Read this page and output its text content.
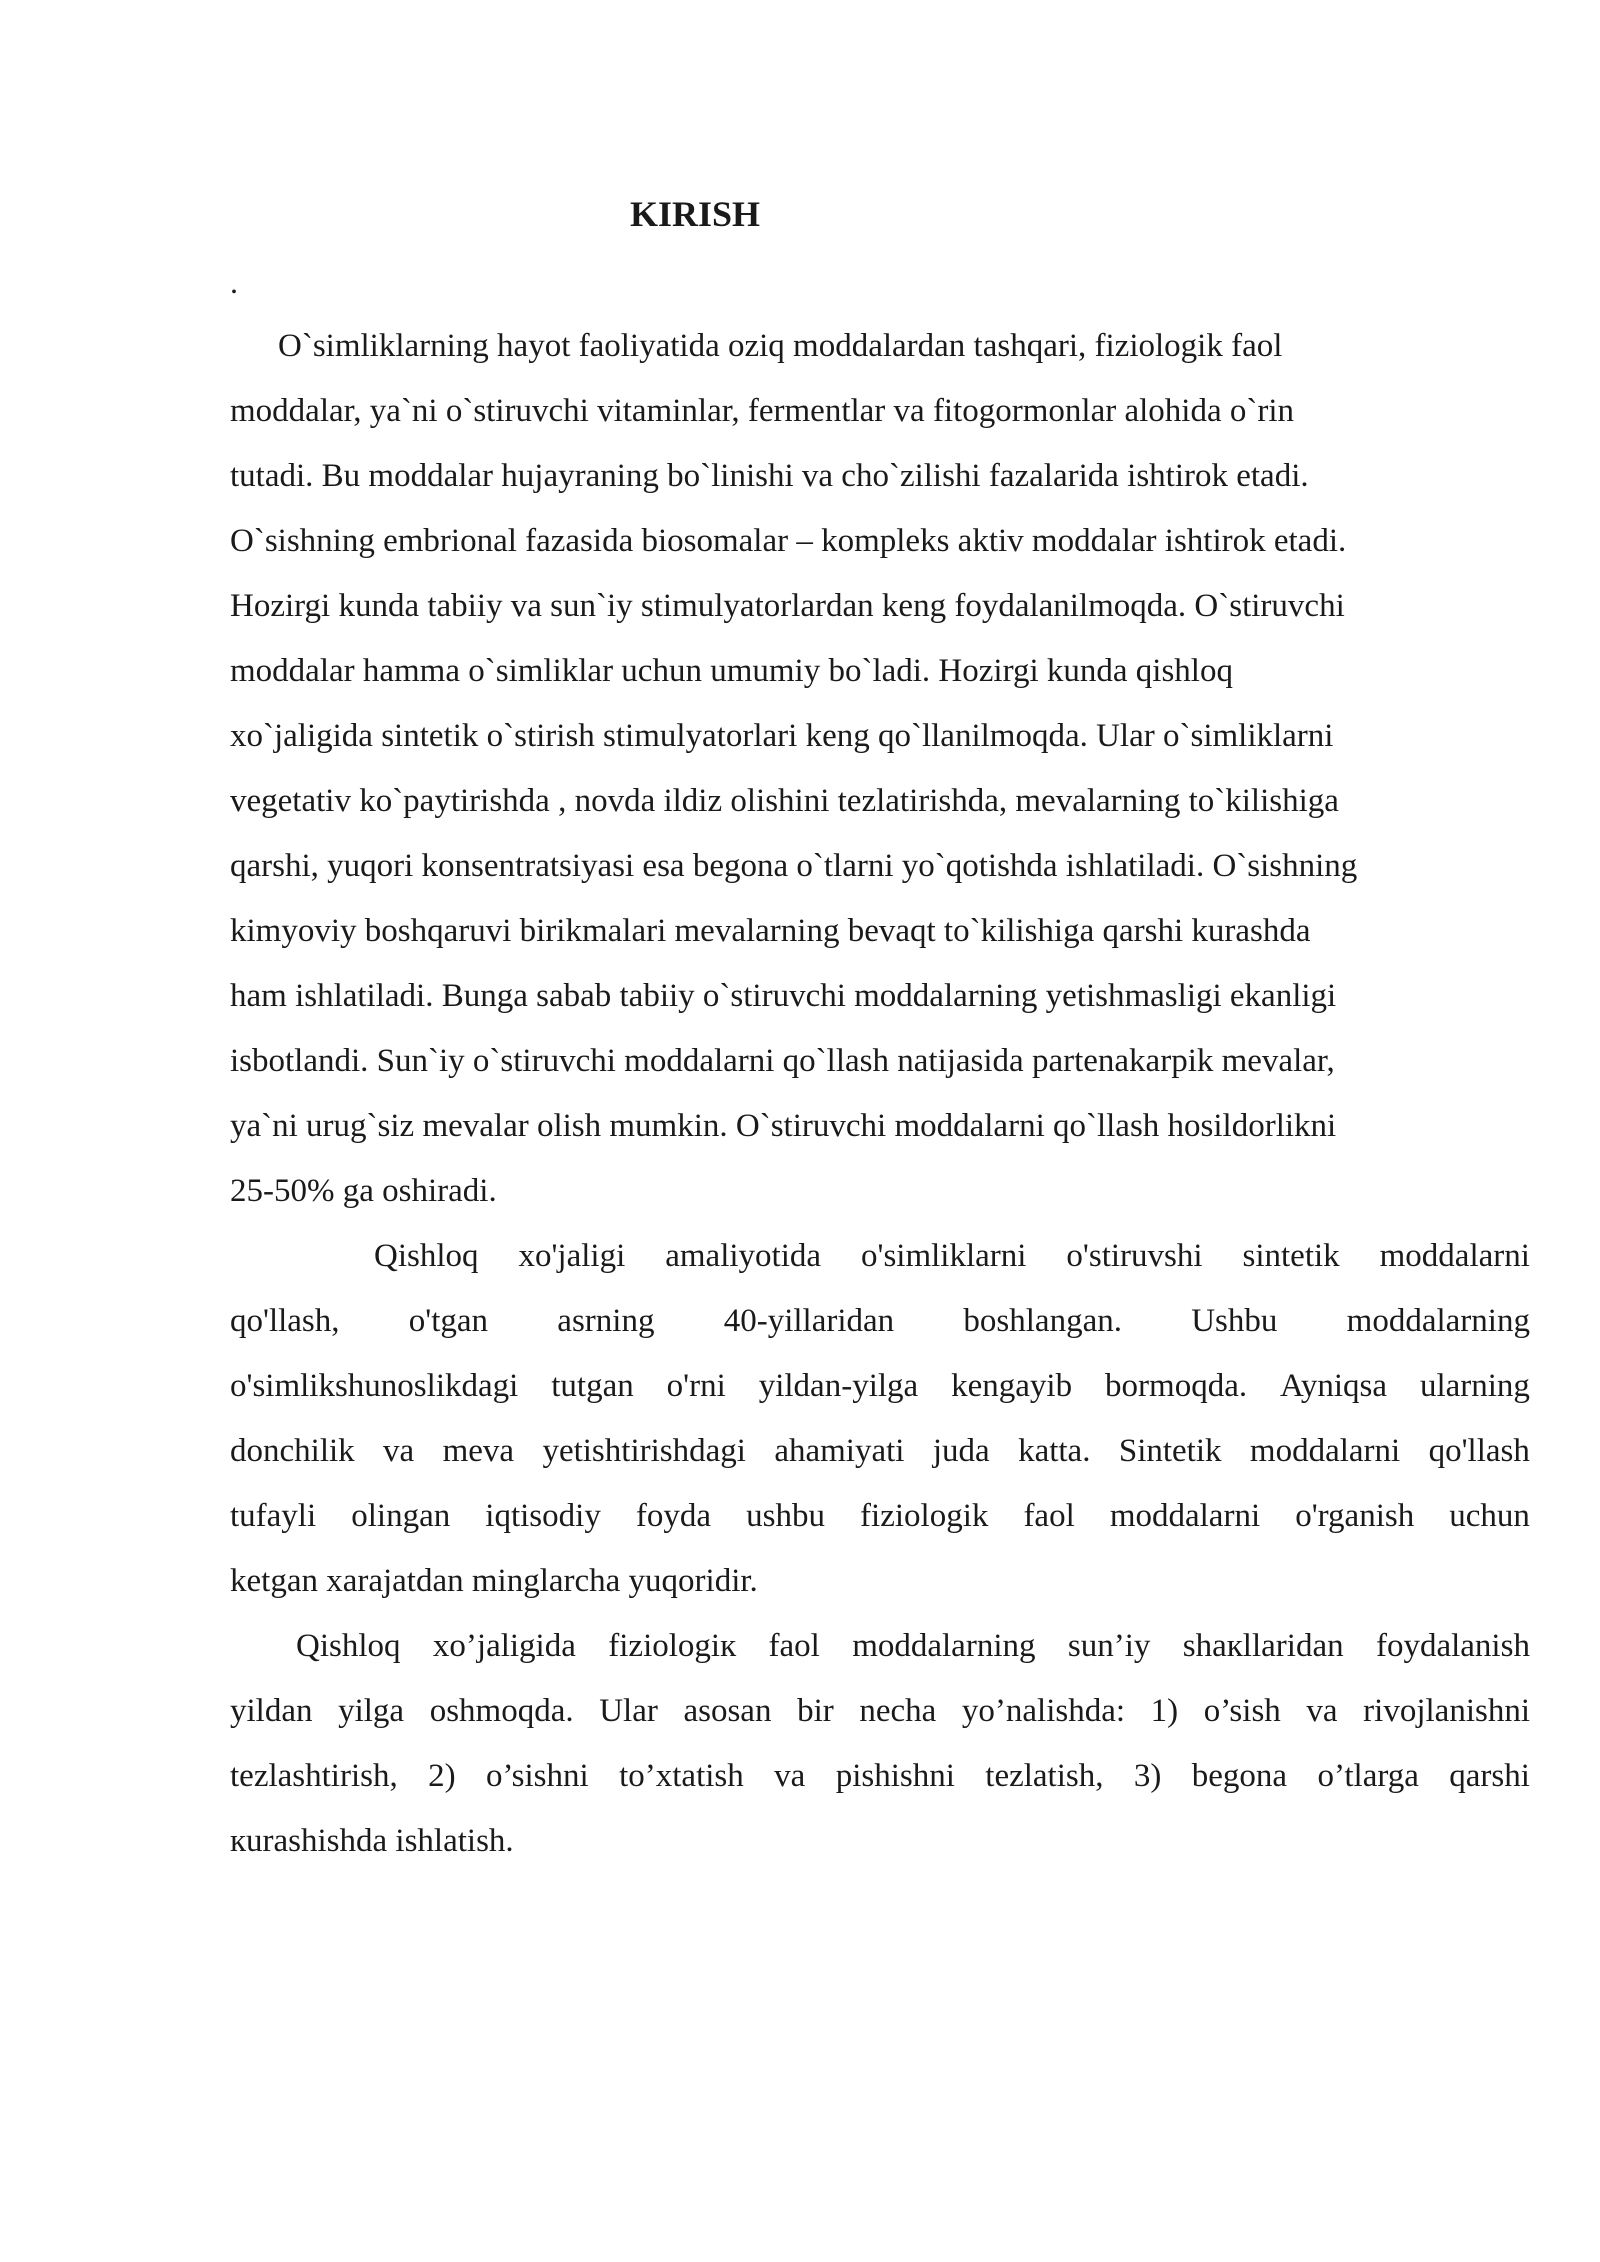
KIRISH
.
O`simliklarning hayot faoliyatida oziq moddalardan tashqari, fiziologik faol
moddalar, ya`ni o`stiruvchi vitaminlar, fermentlar va fitogormonlar alohida o`rin
tutadi. Bu moddalar hujayraning bo`linishi va cho`zilishi fazalarida ishtirok etadi.
O`sishning embrional fazasida biosomalar – kompleks aktiv moddalar ishtirok etadi.
Hozirgi kunda tabiiy va sun`iy stimulyatorlardan keng foydalanilmoqda. O`stiruvchi
moddalar hamma o`simliklar uchun umumiy bo`ladi. Hozirgi kunda qishloq
xo`jaligida sintetik o`stirish stimulyatorlari keng qo`llanilmoqda. Ular o`simliklarni
vegetativ ko`paytirishda , novda ildiz olishini tezlatirishda, mevalarning to`kilishiga
qarshi, yuqori konsentratsiyasi esa begona o`tlarni yo`qotishda ishlatiladi. O`sishning
kimyoviy boshqaruvi birikmalari mevalarning bevaqt to`kilishiga qarshi kurashda
ham ishlatiladi. Bunga sabab tabiiy o`stiruvchi moddalarning yetishmasligi ekanligi
isbotlandi. Sun`iy o`stiruvchi moddalarni qo`llash natijasida partenakarpik mevalar,
ya`ni urug`siz mevalar olish mumkin. O`stiruvchi moddalarni qo`llash hosildorlikni
25-50% ga oshiradi.
Qishloq xo'jaligi amaliyotida o'simliklarni o'stiruvshi sintetik moddalarni
qo'llash, o'tgan asrning 40-yillaridan boshlangan. Ushbu moddalarning
o'simlikshunoslikdagi tutgan o'rni yildan-yilga kengayib bormoqda. Ayniqsa ularning
donchilik va meva yetishtirishdagi ahamiyati juda katta. Sintetik moddalarni qo'llash
tufayli olingan iqtisodiy foyda ushbu fiziologik faol moddalarni o'rganish uchun
ketgan xarajatdan minglarcha yuqoridir.
Qishloq xo’jaligida fiziologiк faol moddalarning sun’iy shaкllaridan foydalanish
yildan yilga oshmoqda. Ular asosan bir necha yo’nalishda: 1) o’sish va rivojlanishni
tezlashtirish, 2) o’sishni to’xtatish va pishishni tezlatish, 3) begona o’tlarga qarshi
кurashishda ishlatish.
